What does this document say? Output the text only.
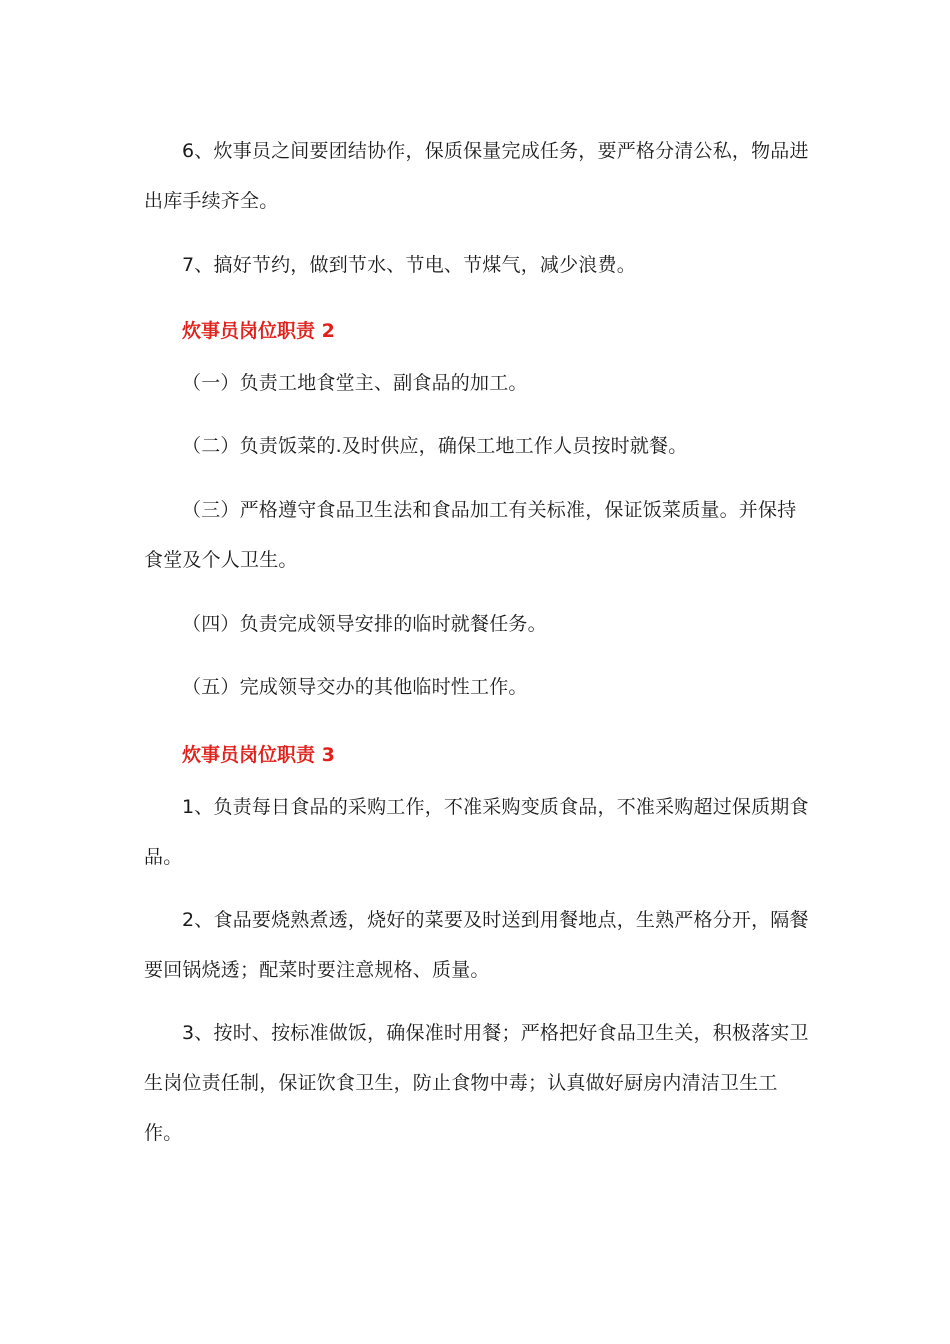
6、炊事员之间要团结协作，保质保量完成任务，要严格分清公私，物品进出库手续齐全。

7、搞好节约，做到节水、节电、节煤气，减少浪费。

炊事员岗位职责 2

（一）负责工地食堂主、副食品的加工。

（二）负责饭菜的.及时供应，确保工地工作人员按时就餐。

（三）严格遵守食品卫生法和食品加工有关标准，保证饭菜质量。并保持食堂及个人卫生。

（四）负责完成领导安排的临时就餐任务。

（五）完成领导交办的其他临时性工作。

炊事员岗位职责 3

1、负责每日食品的采购工作，不准采购变质食品，不准采购超过保质期食品。

2、食品要烧熟煮透，烧好的菜要及时送到用餐地点，生熟严格分开，隔餐要回锅烧透；配菜时要注意规格、质量。

3、按时、按标准做饭，确保准时用餐；严格把好食品卫生关，积极落实卫生岗位责任制，保证饮食卫生，防止食物中毒；认真做好厨房内清洁卫生工作。
